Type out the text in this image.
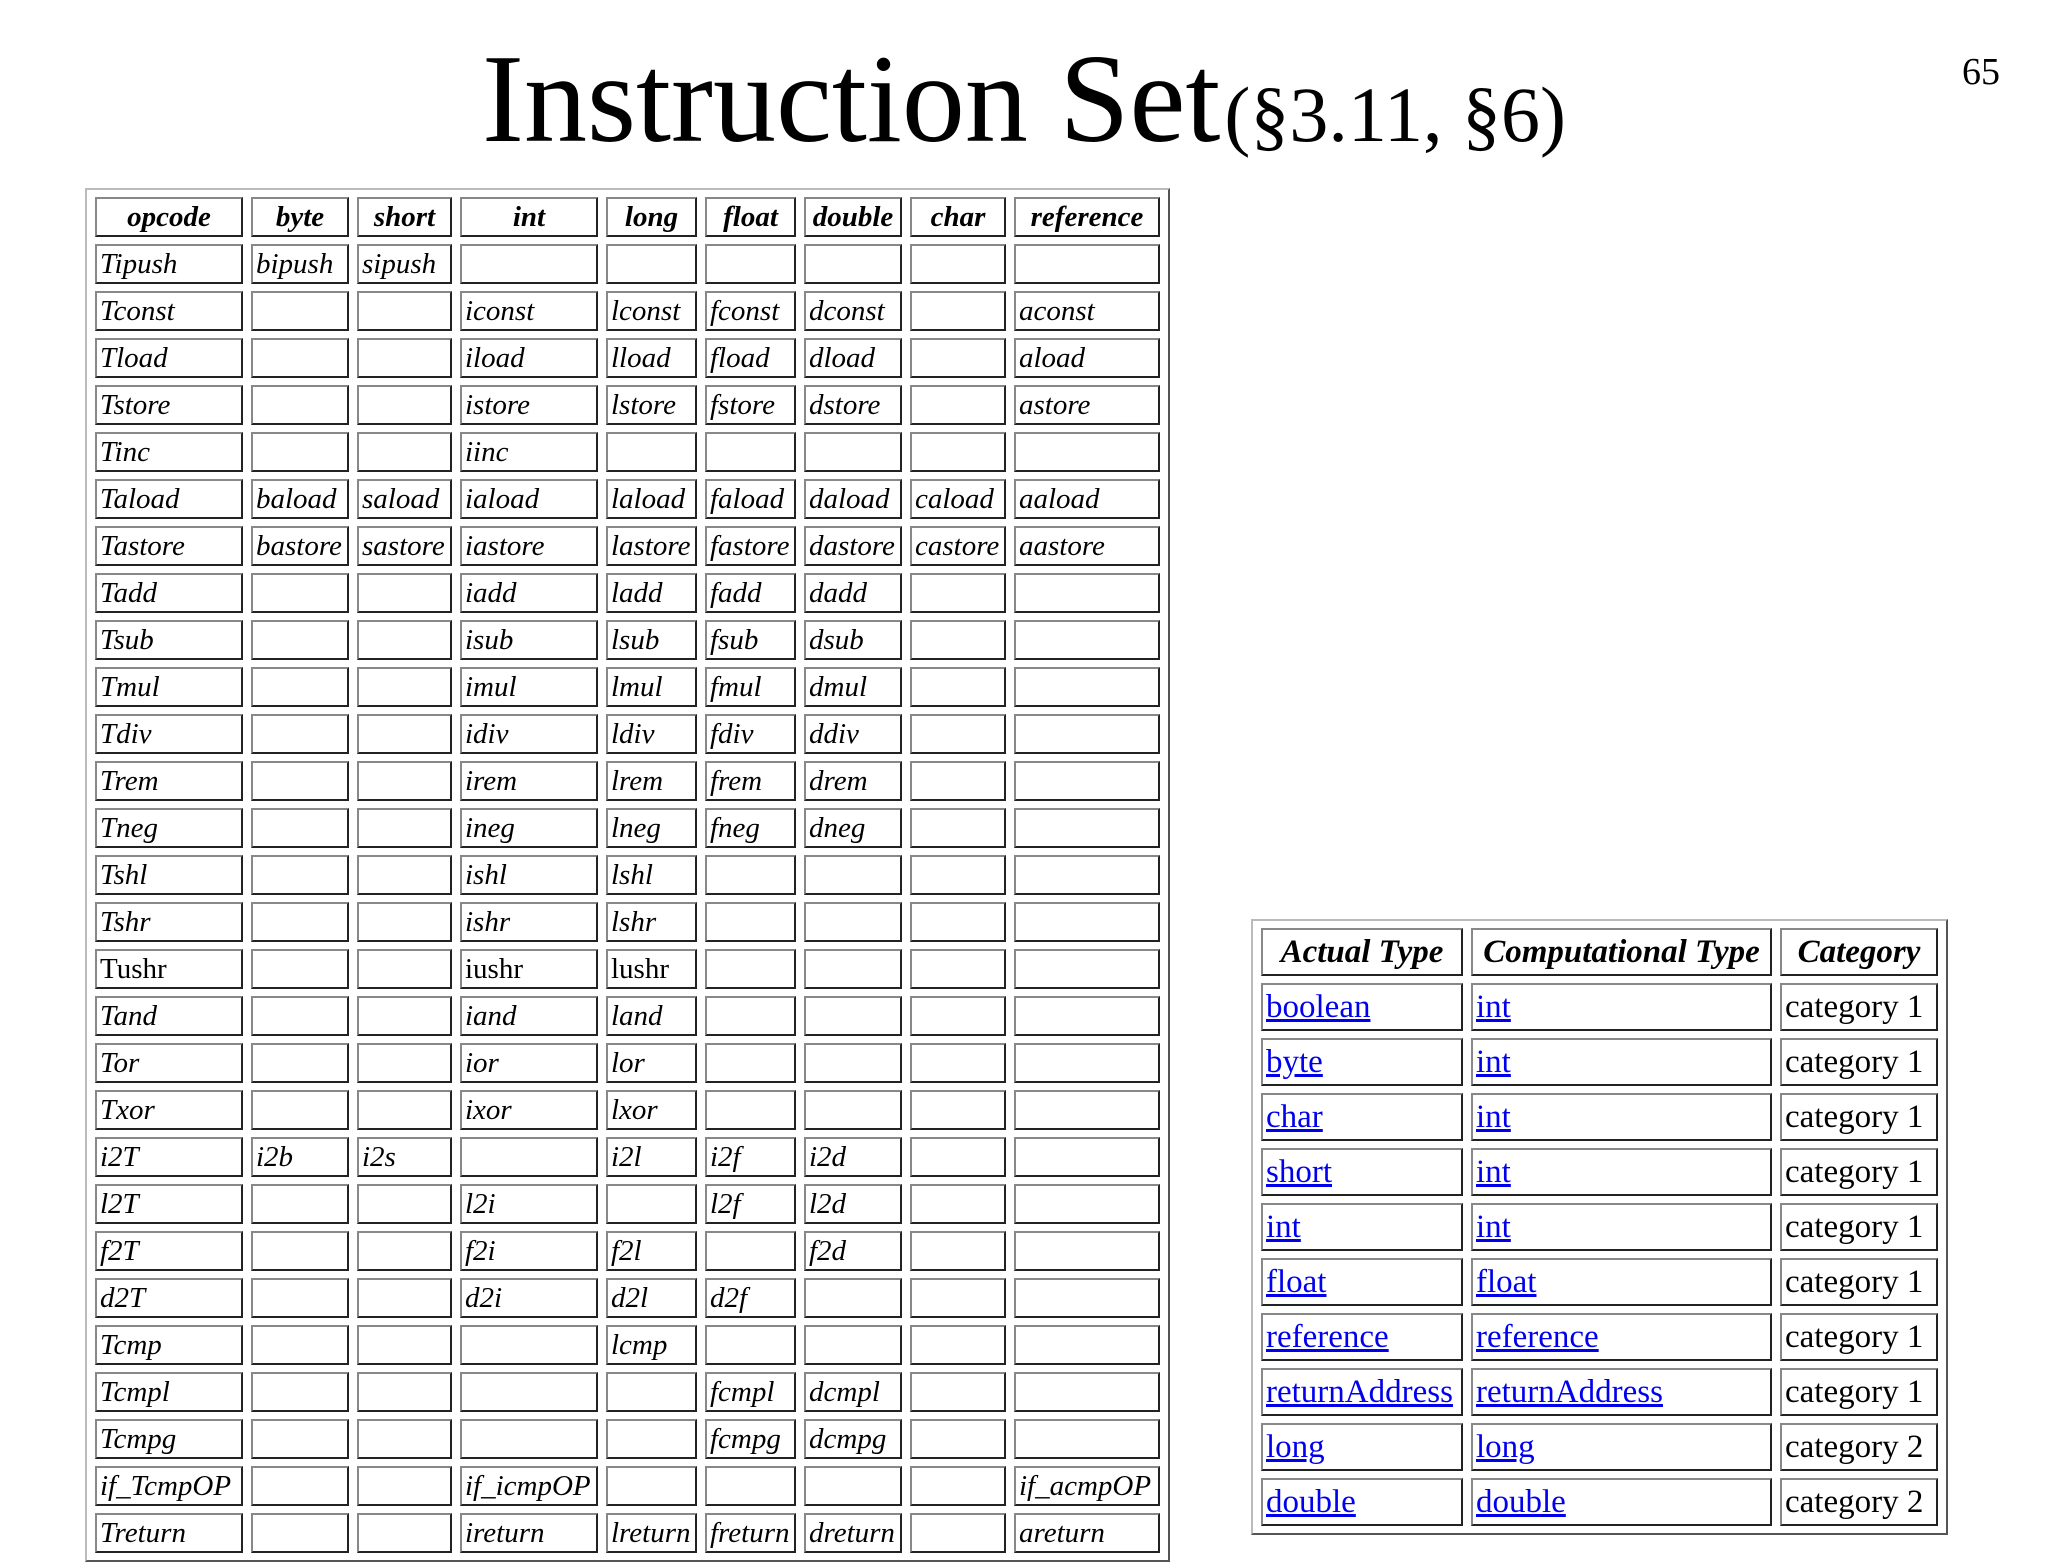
Instruction Set (§3.11, §6)	65
opcode	byte	short	int	long	float	double	char	reference
Tipush	bipush	sipush						
Tconst			iconst	lconst	fconst	dconst		aconst
Tload			iload	lload	fload	dload		aload
Tstore			istore	lstore	fstore	dstore		astore
Tinc			iinc					
Taload	baload	saload	iaload	laload	faload	daload	caload	aaload
Tastore	bastore	sastore	iastore	lastore	fastore	dastore	castore	aastore
Tadd			iadd	ladd	fadd	dadd		
Tsub			isub	lsub	fsub	dsub		
Tmul			imul	lmul	fmul	dmul		
Tdiv			idiv	ldiv	fdiv	ddiv		
Trem			irem	lrem	frem	drem		
Tneg			ineg	lneg	fneg	dneg		
Tshl			ishl	lshl				
Tshr			ishr	lshr				
Tushr			iushr	lushr				
Tand			iand	land				
Tor			ior	lor				
Txor			ixor	lxor				
i2T	i2b	i2s		i2l	i2f	i2d		
l2T			l2i		l2f	l2d		
f2T			f2i	f2l		f2d		
d2T			d2i	d2l	d2f			
Tcmp				lcmp				
Tcmpl					fcmpl	dcmpl		
Tcmpg					fcmpg	dcmpg		
if_TcmpOP			if_icmpOP					if_acmpOP
Treturn			ireturn	lreturn	freturn	dreturn		areturn
Actual Type	Computational Type	Category
boolean	int	category 1
byte	int	category 1
char	int	category 1
short	int	category 1
int	int	category 1
float	float	category 1
reference	reference	category 1
returnAddress	returnAddress	category 1
long	long	category 2
double	double	category 2
